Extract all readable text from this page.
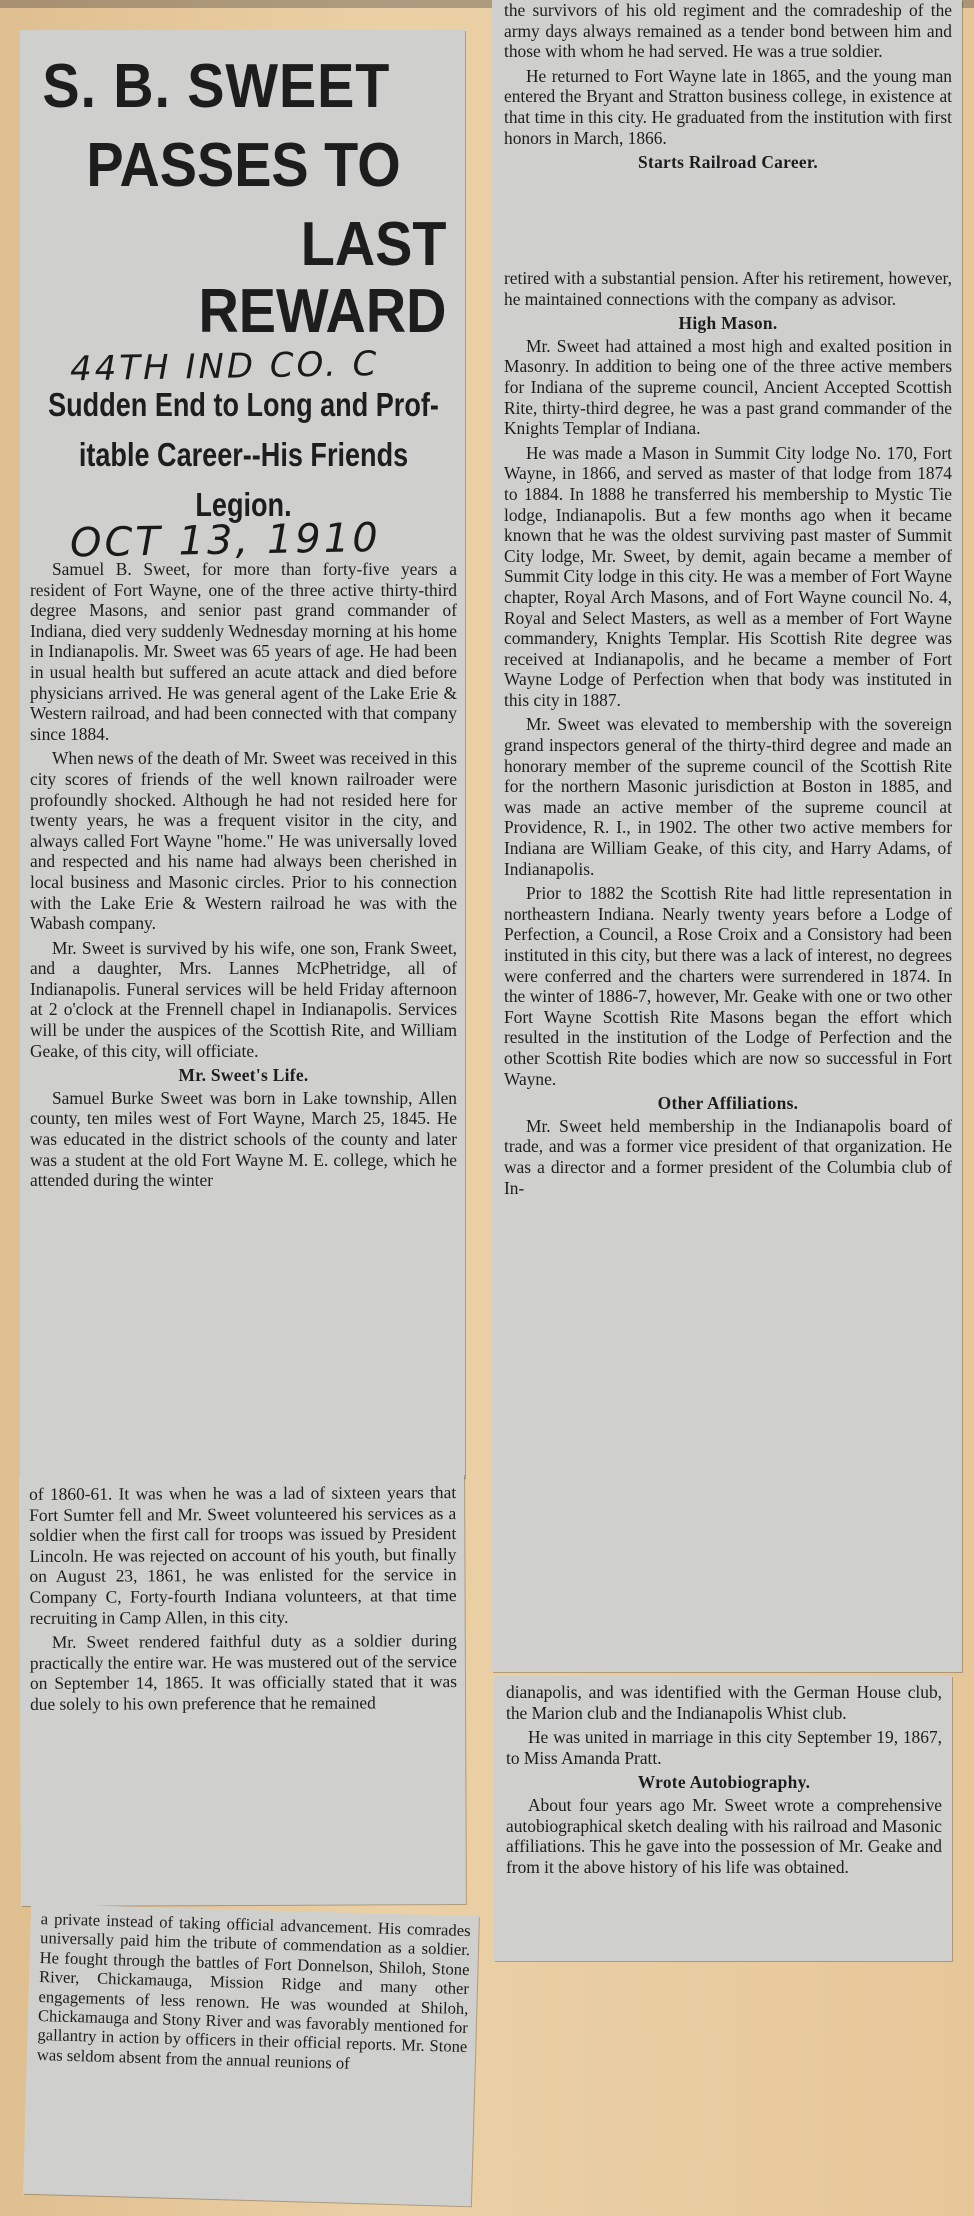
S. B. SWEET
PASSES TO
LAST REWARD
44TH IND CO. C
Sudden End to Long and Prof-
itable Career--His Friends
Legion.
OCT 13, 1910

Samuel B. Sweet, for more than forty-five years a resident of Fort Wayne, one of the three active thirty-third degree Masons, and senior past grand commander of Indiana, died very suddenly Wednesday morning at his home in Indianapolis. Mr. Sweet was 65 years of age. He had been in usual health but suffered an acute attack and died before physicians arrived. He was general agent of the Lake Erie & Western railroad, and had been connected with that company since 1884.

When news of the death of Mr. Sweet was received in this city scores of friends of the well known railroader were profoundly shocked. Although he had not resided here for twenty years, he was a frequent visitor in the city, and always called Fort Wayne "home." He was universally loved and respected and his name had always been cherished in local business and Masonic circles. Prior to his connection with the Lake Erie & Western railroad he was with the Wabash company.

Mr. Sweet is survived by his wife, one son, Frank Sweet, and a daughter, Mrs. Lannes McPhetridge, all of Indianapolis. Funeral services will be held Friday afternoon at 2 o'clock at the Frennell chapel in Indianapolis. Services will be under the auspices of the Scottish Rite, and William Geake, of this city, will officiate.

Mr. Sweet's Life.

Samuel Burke Sweet was born in Lake township, Allen county, ten miles west of Fort Wayne, March 25, 1845. He was educated in the district schools of the county and later was a student at the old Fort Wayne M. E. college, which he attended during the winter

of 1860-61. It was when he was a lad of sixteen years that Fort Sumter fell and Mr. Sweet volunteered his services as a soldier when the first call for troops was issued by President Lincoln. He was rejected on account of his youth, but finally on August 23, 1861, he was enlisted for the service in Company C, Forty-fourth Indiana volunteers, at that time recruiting in Camp Allen, in this city.

Mr. Sweet rendered faithful duty as a soldier during practically the entire war. He was mustered out of the service on September 14, 1865. It was officially stated that it was due solely to his own preference that he remained

a private instead of taking official advancement. His comrades universally paid him the tribute of commendation as a soldier. He fought through the battles of Fort Donnelson, Shiloh, Stone River, Chickamauga, Mission Ridge and many other engagements of less renown. He was wounded at Shiloh, Chickamauga and Stony River and was favorably mentioned for gallantry in action by officers in their official reports. Mr. Stone was seldom absent from the annual reunions of

the survivors of his old regiment and the comradeship of the army days always remained as a tender bond between him and those with whom he had served. He was a true soldier.

He returned to Fort Wayne late in 1865, and the young man entered the Bryant and Stratton business college, in existence at that time in this city. He graduated from the institution with first honors in March, 1866.

Starts Railroad Career.

retired with a substantial pension. After his retirement, however, he maintained connections with the company as advisor.

High Mason.

Mr. Sweet had attained a most high and exalted position in Masonry. In addition to being one of the three active members for Indiana of the supreme council, Ancient Accepted Scottish Rite, thirty-third degree, he was a past grand commander of the Knights Templar of Indiana.

He was made a Mason in Summit City lodge No. 170, Fort Wayne, in 1866, and served as master of that lodge from 1874 to 1884. In 1888 he transferred his membership to Mystic Tie lodge, Indianapolis. But a few months ago when it became known that he was the oldest surviving past master of Summit City lodge, Mr. Sweet, by demit, again became a member of Summit City lodge in this city. He was a member of Fort Wayne chapter, Royal Arch Masons, and of Fort Wayne council No. 4, Royal and Select Masters, as well as a member of Fort Wayne commandery, Knights Templar. His Scottish Rite degree was received at Indianapolis, and he became a member of Fort Wayne Lodge of Perfection when that body was instituted in this city in 1887.

Mr. Sweet was elevated to membership with the sovereign grand inspectors general of the thirty-third degree and made an honorary member of the supreme council of the Scottish Rite for the northern Masonic jurisdiction at Boston in 1885, and was made an active member of the supreme council at Providence, R. I., in 1902. The other two active members for Indiana are William Geake, of this city, and Harry Adams, of Indianapolis.

Prior to 1882 the Scottish Rite had little representation in northeastern Indiana. Nearly twenty years before a Lodge of Perfection, a Council, a Rose Croix and a Consistory had been instituted in this city, but there was a lack of interest, no degrees were conferred and the charters were surrendered in 1874. In the winter of 1886-7, however, Mr. Geake with one or two other Fort Wayne Scottish Rite Masons began the effort which resulted in the institution of the Lodge of Perfection and the other Scottish Rite bodies which are now so successful in Fort Wayne.

Other Affiliations.

Mr. Sweet held membership in the Indianapolis board of trade, and was a former vice president of that organization. He was a director and a former president of the Columbia club of In-

dianapolis, and was identified with the German House club, the Marion club and the Indianapolis Whist club.

He was united in marriage in this city September 19, 1867, to Miss Amanda Pratt.

Wrote Autobiography.

About four years ago Mr. Sweet wrote a comprehensive autobiographical sketch dealing with his railroad and Masonic affiliations. This he gave into the possession of Mr. Geake and from it the above history of his life was obtained.
